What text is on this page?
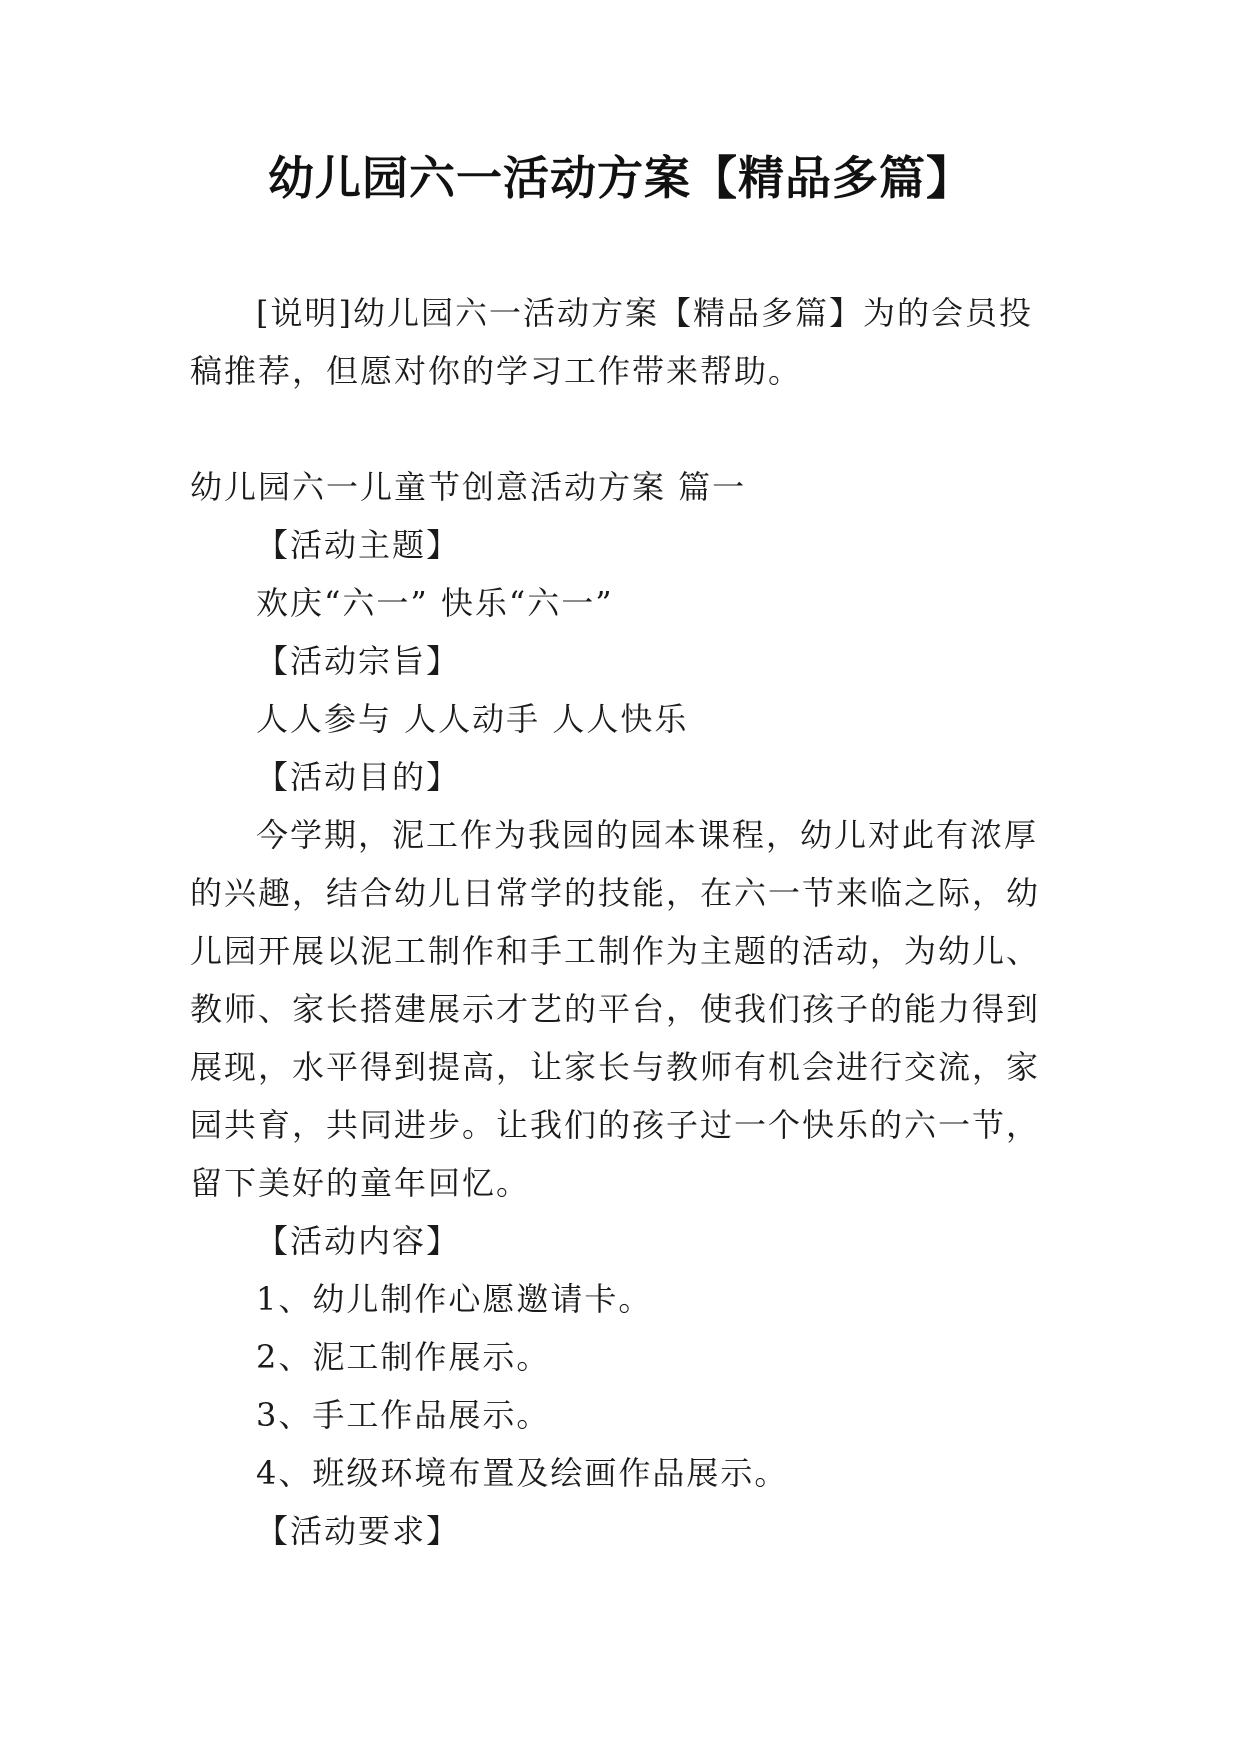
幼儿园六一活动方案【精品多篇】

[说明]幼儿园六一活动方案【精品多篇】为的会员投稿推荐，但愿对你的学习工作带来帮助。

幼儿园六一儿童节创意活动方案 篇一

【活动主题】

欢庆“六一” 快乐“六一”

【活动宗旨】

人人参与 人人动手 人人快乐

【活动目的】

今学期，泥工作为我园的园本课程，幼儿对此有浓厚的兴趣，结合幼儿日常学的技能，在六一节来临之际，幼儿园开展以泥工制作和手工制作为主题的活动，为幼儿、教师、家长搭建展示才艺的平台，使我们孩子的能力得到展现，水平得到提高，让家长与教师有机会进行交流，家园共育，共同进步。让我们的孩子过一个快乐的六一节，留下美好的童年回忆。

【活动内容】

1、幼儿制作心愿邀请卡。

2、泥工制作展示。

3、手工作品展示。

4、班级环境布置及绘画作品展示。

【活动要求】
